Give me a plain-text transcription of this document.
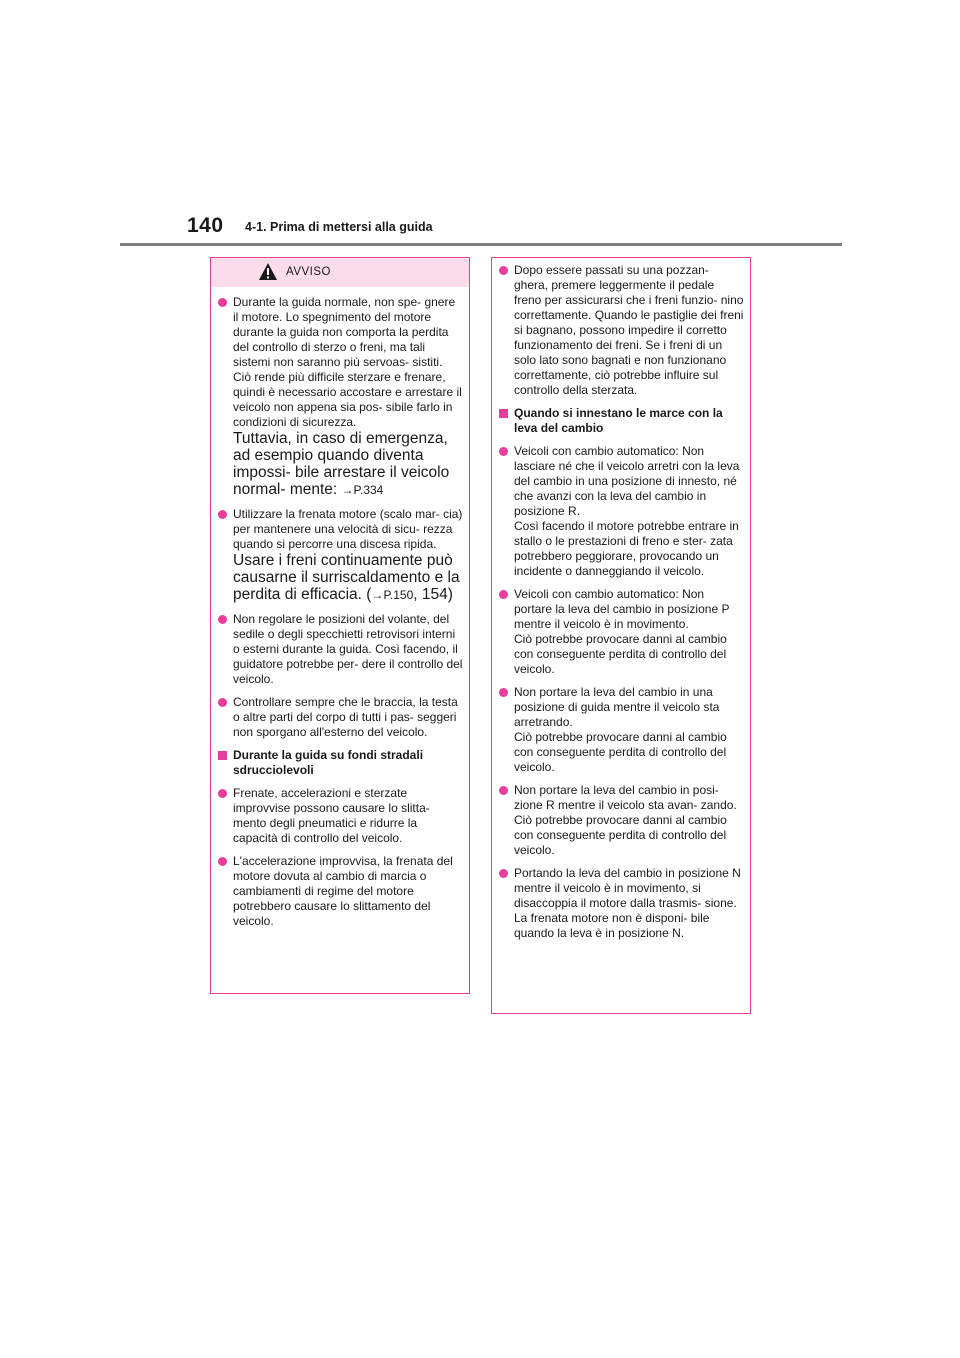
140 4-1. Prima di mettersi alla guida
AVVISO

Durante la guida normale, non spe- gnere il motore. Lo spegnimento del motore durante la guida non comporta la perdita del controllo di sterzo o freni, ma tali sistemi non saranno più servoas- sistiti. Ciò rende più difficile sterzare e frenare, quindi è necessario accostare e arrestare il veicolo non appena sia pos- sibile farlo in condizioni di sicurezza.

Tuttavia, in caso di emergenza, ad esempio quando diventa impossi- bile arrestare il veicolo normal- mente: →P.334

Utilizzare la frenata motore (scalo mar- cia) per mantenere una velocità di sicu- rezza quando si percorre una discesa ripida.

Usare i freni continuamente può causarne il surriscaldamento e la perdita di efficacia. (→P.150, 154)

Non regolare le posizioni del volante, del sedile o degli specchietti retrovisori interni o esterni durante la guida. Così facendo, il guidatore potrebbe per- dere il controllo del veicolo.

Controllare sempre che le braccia, la testa o altre parti del corpo di tutti i pas- seggeri non sporgano all'esterno del veicolo.

Durante la guida su fondi stradali sdrucciolevoli

Frenate, accelerazioni e sterzate improvvise possono causare lo slitta- mento degli pneumatici e ridurre la capacità di controllo del veicolo.

L'accelerazione improvvisa, la frenata del motore dovuta al cambio di marcia o cambiamenti di regime del motore potrebbero causare lo slittamento del veicolo.

Dopo essere passati su una pozzan- ghera, premere leggermente il pedale freno per assicurarsi che i freni funzio- nino correttamente. Quando le pastiglie dei freni si bagnano, possono impedire il corretto funzionamento dei freni. Se i freni di un solo lato sono bagnati e non funzionano correttamente, ciò potrebbe influire sul controllo della sterzata.

Quando si innestano le marce con la leva del cambio

Veicoli con cambio automatico: Non lasciare né che il veicolo arretri con la leva del cambio in una posizione di innesto, né che avanzi con la leva del cambio in posizione R.

Così facendo il motore potrebbe entrare in stallo o le prestazioni di freno e ster- zata potrebbero peggiorare, provocando un incidente o danneggiando il veicolo.

Veicoli con cambio automatico: Non portare la leva del cambio in posizione P mentre il veicolo è in movimento.

Ciò potrebbe provocare danni al cambio con conseguente perdita di controllo del veicolo.

Non portare la leva del cambio in una posizione di guida mentre il veicolo sta arretrando.

Ciò potrebbe provocare danni al cambio con conseguente perdita di controllo del veicolo.

Non portare la leva del cambio in posi- zione R mentre il veicolo sta avan- zando.

Ciò potrebbe provocare danni al cambio con conseguente perdita di controllo del veicolo.

Portando la leva del cambio in posizione N mentre il veicolo è in movimento, si disaccoppia il motore dalla trasmis- sione. La frenata motore non è disponi- bile quando la leva è in posizione N.
